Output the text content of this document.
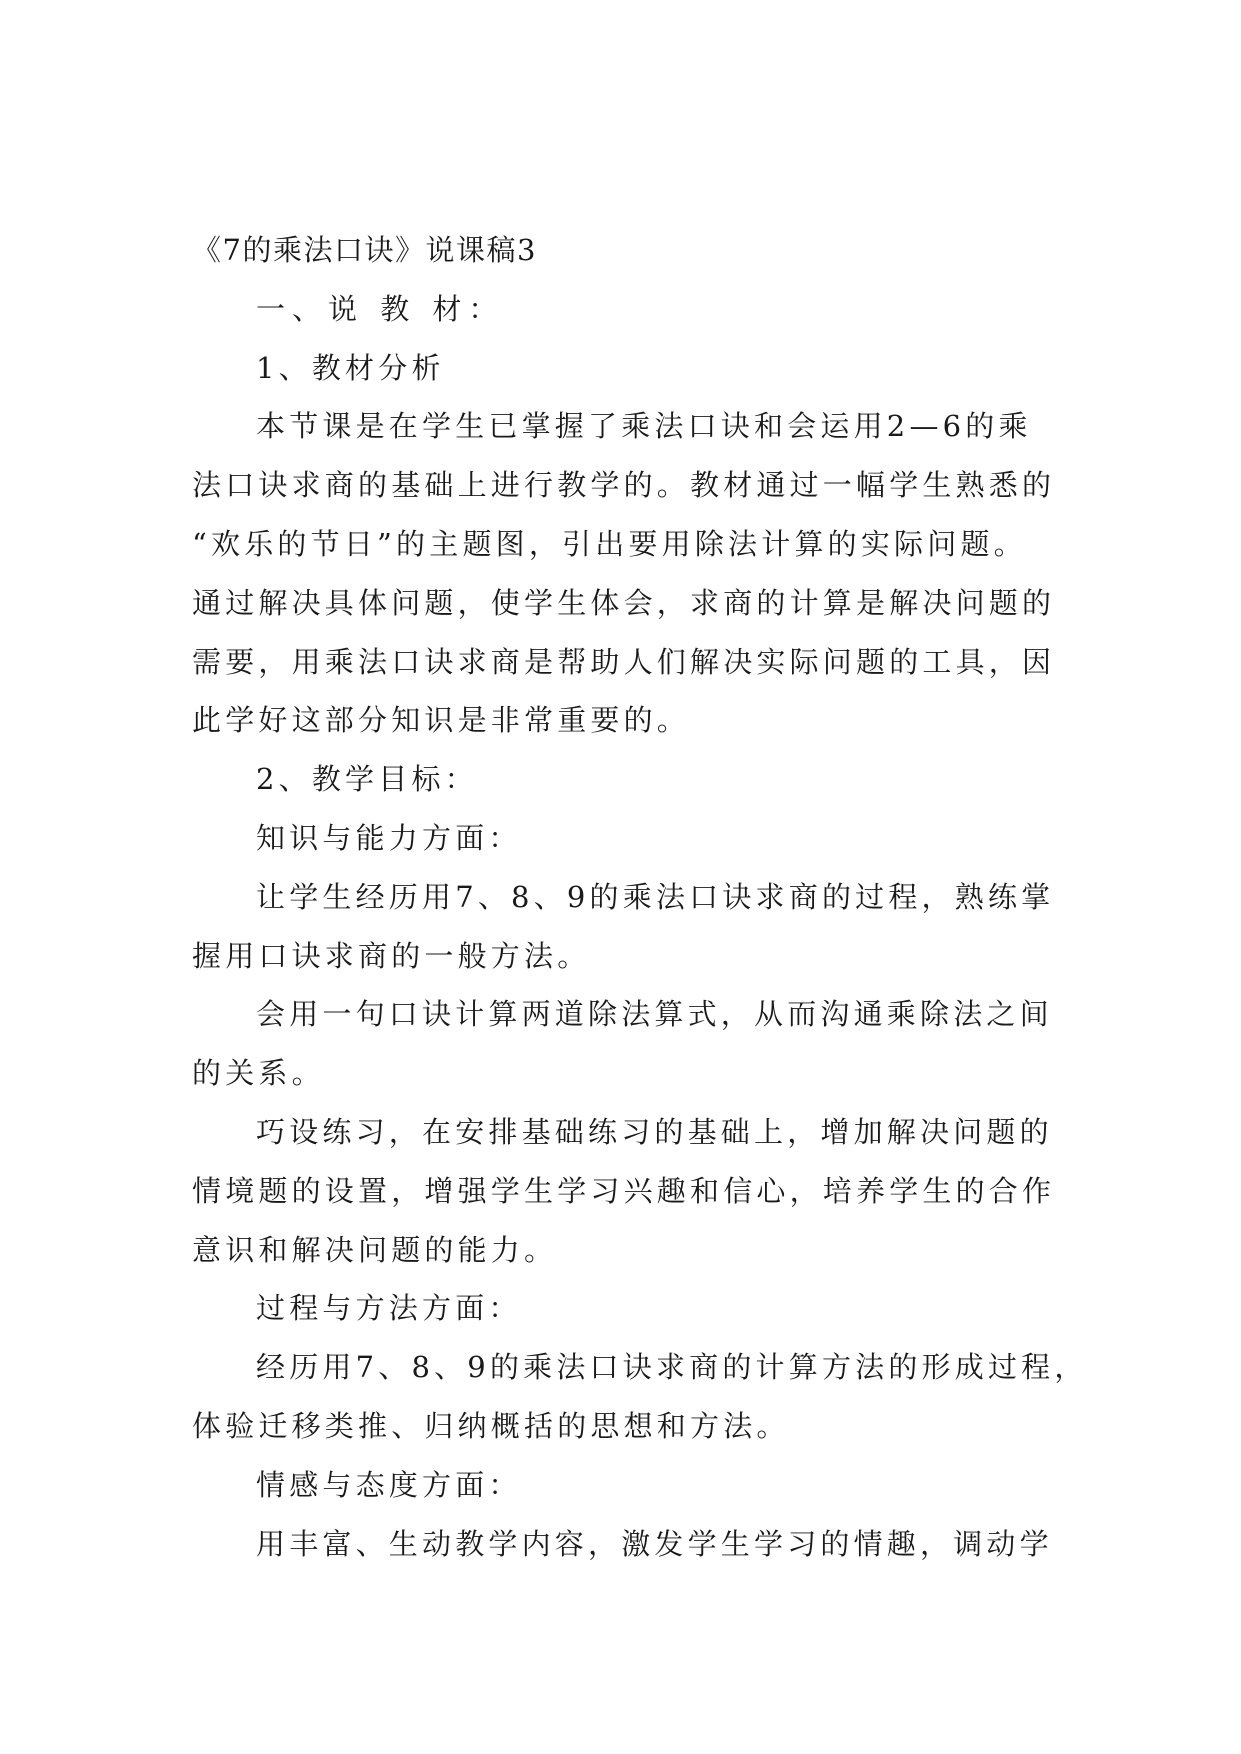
《7的乘法口诀》说课稿3

一、说 教 材：

1、教材分析

本节课是在学生已掌握了乘法口诀和会运用2—6的乘

法口诀求商的基础上进行教学的。教材通过一幅学生熟悉的

“欢乐的节日”的主题图，引出要用除法计算的实际问题。

通过解决具体问题，使学生体会，求商的计算是解决问题的

需要，用乘法口诀求商是帮助人们解决实际问题的工具，因

此学好这部分知识是非常重要的。

2、教学目标：

知识与能力方面：

让学生经历用7、8、9的乘法口诀求商的过程，熟练掌

握用口诀求商的一般方法。

会用一句口诀计算两道除法算式，从而沟通乘除法之间

的关系。

巧设练习，在安排基础练习的基础上，增加解决问题的

情境题的设置，增强学生学习兴趣和信心，培养学生的合作

意识和解决问题的能力。

过程与方法方面：

经历用7、8、9的乘法口诀求商的计算方法的形成过程，

体验迁移类推、归纳概括的思想和方法。

情感与态度方面：

用丰富、生动教学内容，激发学生学习的情趣，调动学
